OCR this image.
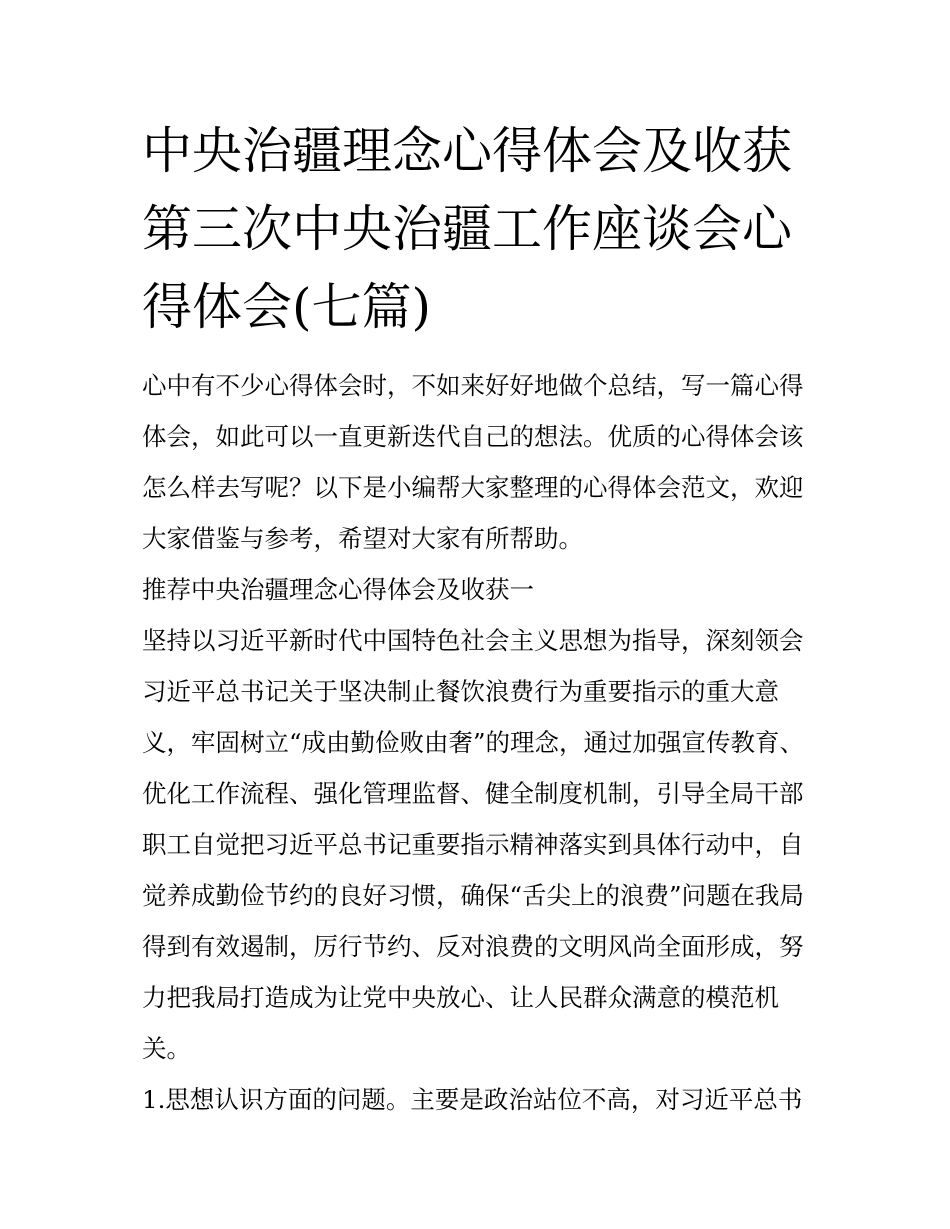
中央治疆理念心得体会及收获
第三次中央治疆工作座谈会心
得体会(七篇)

心中有不少心得体会时，不如来好好地做个总结，写一篇心得
体会，如此可以一直更新迭代自己的想法。优质的心得体会该
怎么样去写呢？以下是小编帮大家整理的心得体会范文，欢迎
大家借鉴与参考，希望对大家有所帮助。

推荐中央治疆理念心得体会及收获一

坚持以习近平新时代中国特色社会主义思想为指导，深刻领会
习近平总书记关于坚决制止餐饮浪费行为重要指示的重大意
义，牢固树立“成由勤俭败由奢”的理念，通过加强宣传教育、
优化工作流程、强化管理监督、健全制度机制，引导全局干部
职工自觉把习近平总书记重要指示精神落实到具体行动中，自
觉养成勤俭节约的良好习惯，确保“舌尖上的浪费”问题在我局
得到有效遏制，厉行节约、反对浪费的文明风尚全面形成，努
力把我局打造成为让党中央放心、让人民群众满意的模范机
关。

1.思想认识方面的问题。主要是政治站位不高，对习近平总书
